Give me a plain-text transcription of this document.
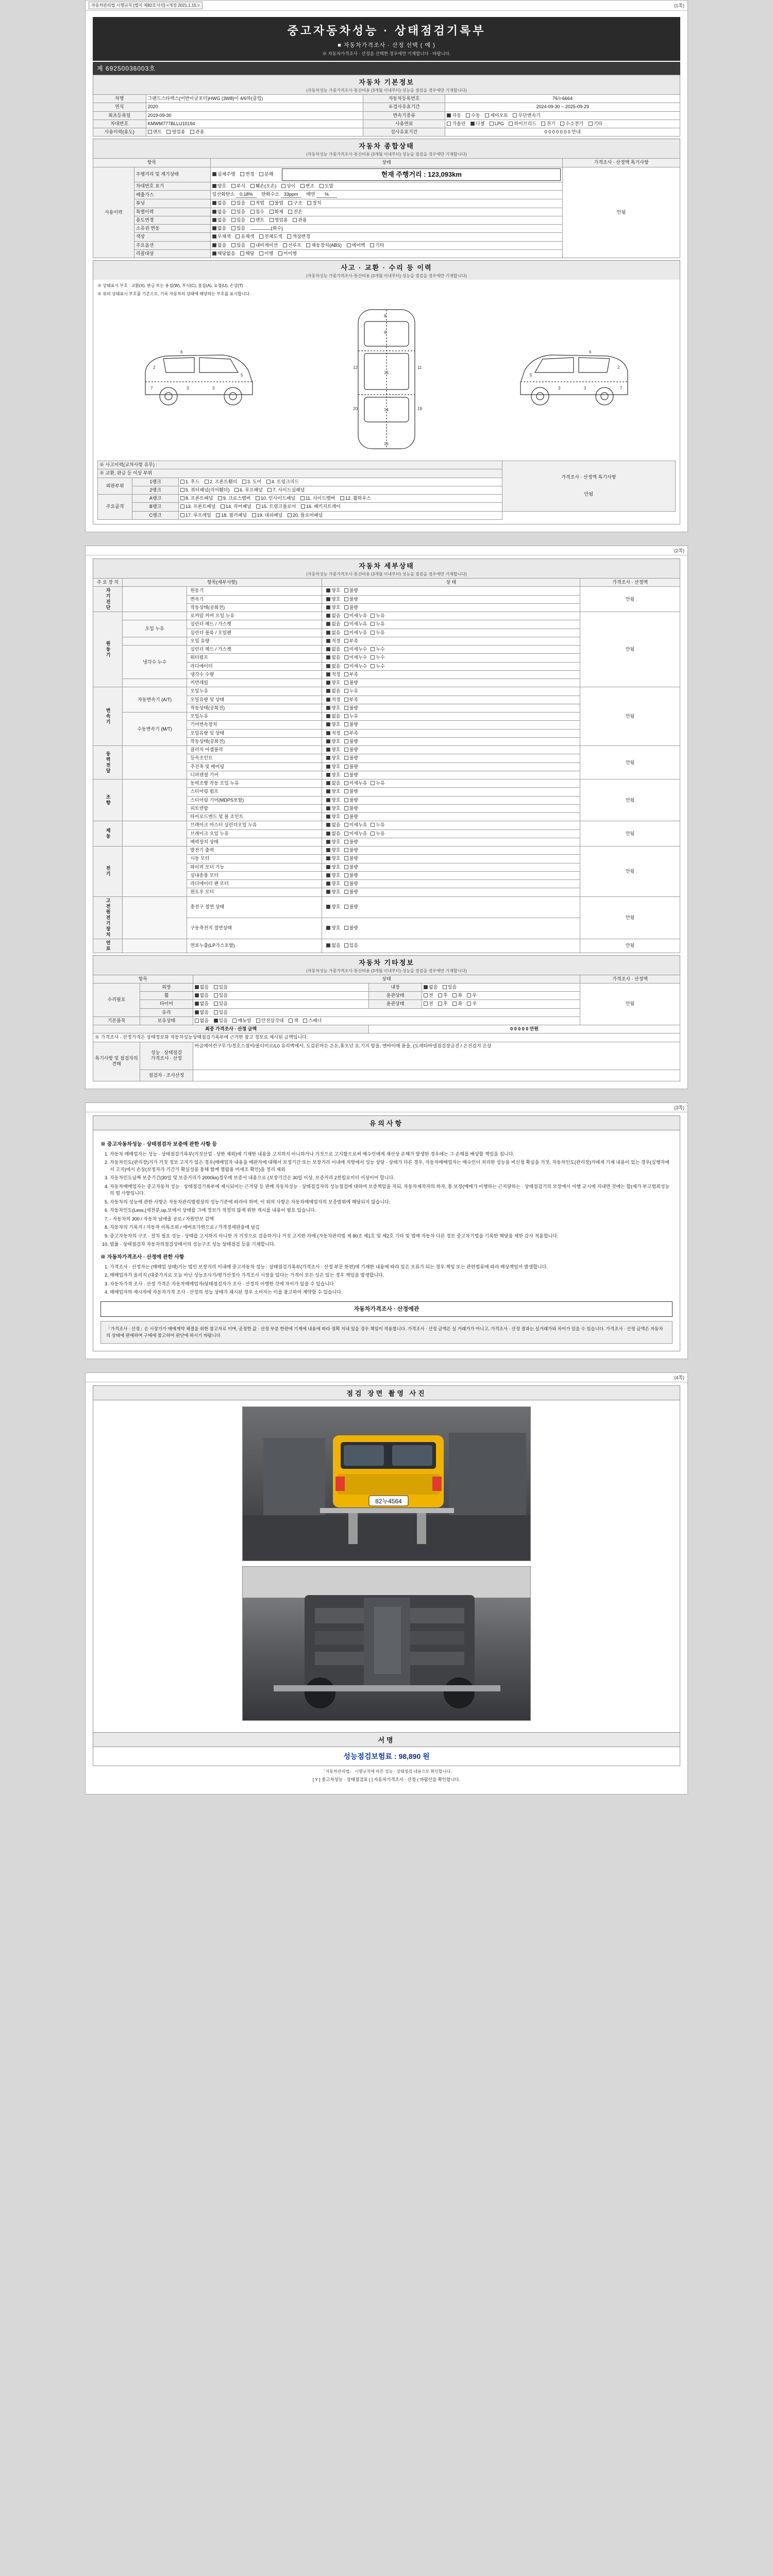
자동차관리법 시행규칙 [별지 제82호서식] <개정 2021.1.15.>	(1쪽)
중고자동차성능 · 상태점검기록부
■ 자동차가격조사 · 산정 선택 ( 예 )
※ 자동차가격조사 · 산정을 선택한 경우에만 기재합니다 · 바랍니다.
제 69250036003호
자동차 기본정보
(자동차성능 가중가격조사·통산비용 (3개월 이내부터) 성능을 점검을 경우에만 기재합니다)
차명	그랜드스타렉스(어반이글포터)HWG (3W8)이 4/6하(클럽)	자동차등록번호	76누6664
연식	2020	※검사유효기간	2024-09-30 ~ 2025-09-29
최초등록일	2019-09-30	변속기종류	자동 수동 세미오토 무단변속기
차대번호	KMWM777BLLU10194	사용연료	가솔린 디젤 LPG 하이브리드 전기 수소전기 기타
사용이력(용도)	렌트 영업용 관용	검사유효기간	0 0 0 0 0 0 0 안내
자동차 종합상태
(자동차성능 가중가격조사·통산비용 (3개월 이내부터) 성능을 점검을 경우에만 기재합니다)
항목		상태	가격조사 · 산정액 특기사항
사용이력	주행거리 및 계기상태	실제주행 변경 분해 현재 주행거리 : 123,093km	안됨
	차대번호 표기	양호 부식 훼손(오손) 상이 변조 도말	
	배출가스	일산화탄소 0.18% 탄화수소 33ppm 매연 %	
	튜닝	없음 있음 적법 불법 구조 장치	
	특별이력	없음 있음 침수 화재 전손	
	용도변경	없음 있음 렌트 영업용 관용	
	소유권 변동	없음 있음 (회수)	
	색상	무채색 유채색 전체도색 색상변경	
	주요옵션	없음 있음 내비게이션 선루프 제동장치(ABS) 에어백 기타	
	리콜대상	해당없음 해당 이행 미이행	
사고 · 교환 · 수리 등 이력
(자동차성능 가중가격조사·통산비용 (3개월 이내부터) 성능을 점검을 경우에만 기재합니다)
※ 상태표시 부호 : 교환(X), 판금 또는 용접(W), 부식(C), 흠집(A), 요철(U), 손상(T)
※ 위의 상태표시 부호를 기준으로, 기록 자동차의 상태에 해당하는 부호를 표시합니다.
7	3	3
6
5
2
8
9
16
14
15
12	11
20	19
7
3
3
6
5
2
※ 사고이력(교차사항 유무) :			가격조사 · 산정액 특기사항
안됨

※ 교환, 판금 등 이상 부위			
외판부위	1랭크	1. 후드 2. 프론트휀더 3. 도어 4. 트렁크리드	
	2랭크	5. 쿼터패널(리어휀더) 6. 루프패널 7. 사이드실패널	
주요골격	A랭크	8. 프론트패널 9. 크로스멤버 10. 인사이드패널 11. 사이드멤버 12. 휠하우스	
	B랭크	13. 프론트패널 14. 리어패널 15. 트렁크플로어 16. 패키지트레이	
	C랭크	17. 루프레일 18. 필러패널 19. 대쉬패널 20. 플로어패널	
(2쪽)
자동차 세부상태
(자동차성능 가중가격조사·통산비용 (3개월 이내부터) 성능을 점검을 경우에만 기재합니다)
주 요 장 치	항목(세부사항)		상 태	가격조사 · 산정액
자기진단		원동기	양호 불량	안됨
		변속기	양호 불량	
		작동상태(공회전)	양호 불량	
원동기		로커암 커버 오일 누유	없음 미세누유 누유	안됨
	오일 누유	실린더 헤드 / 가스켓	없음 미세누유 누유	
		실린더 블록 / 오일팬	없음 미세누유 누유	
		오일 유량	적정 부족	
	냉각수 누수	실린더 헤드 / 가스켓	없음 미세누수 누수	
		워터펌프	없음 미세누수 누수	
		라디에이터	없음 미세누수 누수	
		냉각수 수량	적정 부족	
		커먼레일	양호 불량	
변속기	자동변속기 (A/T)	오일누유	없음 누유	안됨
		오일유량 및 상태	적정 부족	
		작동상태(공회전)	양호 불량	
	수동변속기 (M/T)	오일누유	없음 누유	
		기어변속장치	양호 불량	
		오일유량 및 상태	적정 부족	
		작동상태(공회전)	양호 불량	
동력전달		클러치 어셈블리	양호 불량	안됨
		등속조인트	양호 불량	
		추진축 및 베어링	양호 불량	
		디퍼렌셜 기어	양호 불량	
조향		동력조향 작동 오일 누유	없음 미세누유 누유	안됨
		스티어링 펌프	양호 불량	
		스티어링 기어(MDPS포함)	양호 불량	
		피트먼암	양호 불량	
		타이로드엔드 및 볼 조인트	양호 불량	
제동		브레이크 마스터 실린더오일 누유	없음 미세누유 누유	안됨
		브레이크 오일 누유	없음 미세누유 누유	
		배력장치 상태	양호 불량	
전기		발전기 출력	양호 불량	안됨
		시동 모터	양호 불량	
		와이퍼 모터 기능	양호 불량	
		실내송풍 모터	양호 불량	
		라디에이터 팬 모터	양호 불량	
		윈도우 모터	양호 불량	
고전원전기장치		충전구 절연 상태	양호 불량	안됨
		구동축전지 절연상태	양호 불량	
연료		연료누출(LP가스포함)	없음 있음	안됨
자동차 기타정보
(자동차성능 가중가격조사·통산비용 (3개월 이내부터) 성능을 점검을 경우에만 기재합니다)
항목		상태			가격조사 · 산정액
수리필요	외장	없음 있음	내장	없음 있음	안됨
	휠	없음 있음	윤관상태	전 후 좌 우	
	타이어	없음 있음	윤관상태	전 후 좌 우	
	유리	없음 있음			
기본품목	보유상태	없음 있음 메뉴얼 안전삼각대 잭 스패너			
최종 가격조사 · 산정 금액			0 0 0 0 0 만원		
※ 가격조사 · 산정가격은 상태정보와 자동차성능상태점검기록부에 근거한 참고 정보로 제시된 금액입니다.					
특기사항 및 점검자의 견해	성능 · 상태점검
가격조사 · 산정	바급에어컨구무기/정호스점비/볼티미르/L0 유리벽에서, 도갑른마든 은돈,휴오년 요.기지 암을, 엔바이에 윤을, (도레타바넬점검장금진 / 은진검지 은상			
	점검자 · 조사산정				
(3쪽)
유의사항
※ 중고자동차성능 · 상태점검자 보증에 관한 사항 등
1. 자동차 매매업자는 성능 · 상태점검기록부(거짓산업 · 상한 제외)에 기재한 내용을 고지하지 아니하거나 거짓으로 고지함으로써 매수인에게 재산상 손해가 발생한 경우에는 그 손해를 배상할 책임을 집니다.
2. 자동차인도(관리장)거가 거짓 정보 고지가 있은 경우(매매업자 내용을 매판자에 대해서 보정기간 또는 보장거리 이내에 지방에서 성능 상당 · 상태가 다른 경우, 자동차매매업자는 매수인이 처리한 성능을 비신청 확실을 거짓, 자동차인도(관리장)거에게 기재 내용이 있는 경우(실행자에서 고지)에서 손상(보정자가 기간가 확실성을 통해 함께 열람용 비세조 확인)을 정리 제외
3. 자동차인도날짜 보증기간(30일 및 보증거리가 2000㎞)경우에 보증서 내용으로 (보장기간은 30일 이상, 보증거리 2천킬로미터 이상이어 합니다.
4. 자동차매매업자는 중고자동차 성능 · 상태점검기록부에 제시되어는 근저당 등 판매 자동차성능 · 상태점검자의 성능점검에 대하여 보증책임을 지되, 자동차제작자의 하자, 통 보장(매매가 이행하는 근저당하는 · 상태점검기의 보장에서 이행 교시에 지내면 것에는 합(제가 부고범죄성능의 법 사항입니다.
5. 자동차의 성능에 관한 사항은 자동차관리법령상의 성능기준에 따라야 하며, 이 외의 사항은 자동차매매업자의 보증범위에 해당되지 않습니다.
6. 자동차인도(Less,(세전분,up,보에서 상태를 그에 정보가 적정의 않게 위한 개시를 내용이 필요 있습니다.
7. - 자동차의 300 / 자동차 남에졸 공로 / 자원안보 감액
8. 자동차의 기록지 / 자동차 아특조위 / 에버표가원으로 / 가격정세판을에 남김
9. 중고자동차의 구조 · 장치 필요 성능 · 상태를 고지하지 아니한 거 거짓으로 검음하거나 거짓 고지한 자에 (자동차관리법 제 80조 제1호 및 제2호 기타 및 법에 자동차 다른 정보 중고차기법을 기록한 해당을 제한 감사 적용합니다.
10. 법률 · 상태점검자 자동차의점검상태서의 성능구조 성능 상태점검 등을 기재합니다.
※ 자동차가격조사 · 산정에 관한 사항
1. 가격조사 · 산정자는 (매매업 상태)거는 법인 보장거리 이내에 중고자동차 성능 · 상태점검기록부(가격조사 · 산정 부문 한편)에 기재한 내용에 따라 있은 오류가 되는 경우 책임 또는 관련법류에 따라 배상책임이 발생합니다.
2. 매매업자가 올리지 (대중가지로 오늘 아닌 성능조사가/평가산정사 가격조사 시장을 있다는 가격이 모든 성은 있는 경우 책임을 발생합니다.
3. 자동차가격 조사 · 산정 가격은 자동차매매업자/상태점검자가 조사 · 산정의 이행한 것에 차이가 있을 수 있습니다.
4. 매매업자의 제시자에 자동차가격 조사 · 산정의 성능 상태가 제시된 경우 소비자는 이를 참고하여 계약할 수 있습니다.
자동차가격조사 · 산정에관
「가격조사 · 산정」은 시장가가 매매계약 체결을 위한 참고자료 이며, 공정한 값 · 산정 부분 한편에 기재에 내용에 따라 정확 지내 있을 경우 책임이 적용합니다. 가격조사 · 산정 금액은 실 거래가가 아니고, 가격조사 · 산정 결과는 실거래가와 차이가 있을 수 있습니다. 가격조사 · 산정 금액은 자동차의 상태에 판매하며 구매에 참고하여 판단에 하시기 바랍니다.
(4쪽)
점검 장면 촬영 사진
82누4564
서명
성능점검보험료 : 98,890 원
「자동차관리법」 시행규칙에 따른 성능 · 상태점검 내용으로 확인합니다.
[ Y ] 중고차성능 · 상태점검표 [ ] 자동차가격조사 · 산정 ( 바랍산을 확인합니다.
